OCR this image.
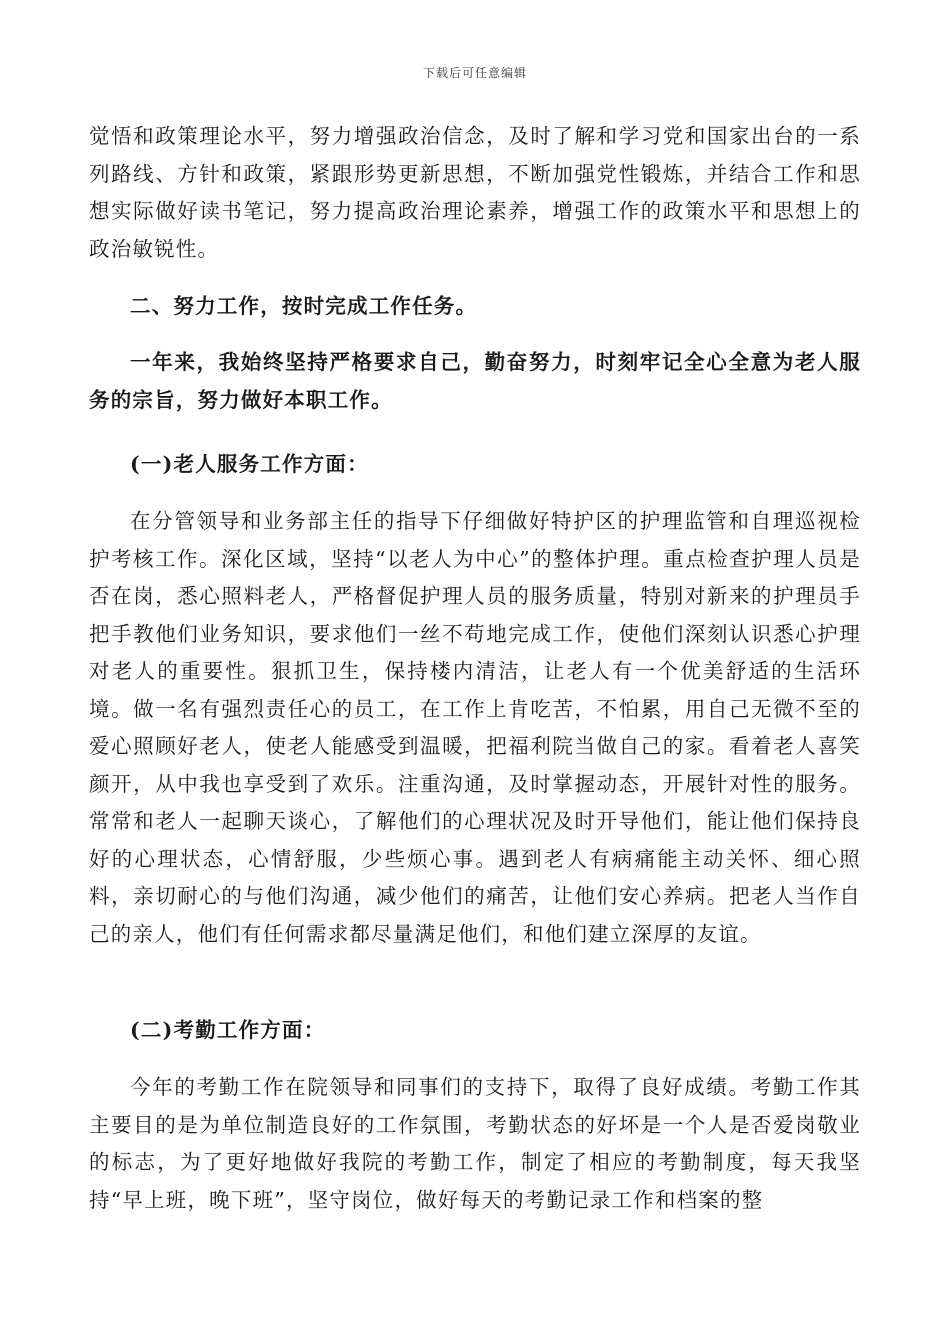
下载后可任意编辑

觉悟和政策理论水平，努力增强政治信念，及时了解和学习党和国家出台的一系列路线、方针和政策，紧跟形势更新思想，不断加强党性锻炼，并结合工作和思想实际做好读书笔记，努力提高政治理论素养，增强工作的政策水平和思想上的政治敏锐性。

二、努力工作，按时完成工作任务。

一年来，我始终坚持严格要求自己，勤奋努力，时刻牢记全心全意为老人服务的宗旨，努力做好本职工作。

(一)老人服务工作方面：

在分管领导和业务部主任的指导下仔细做好特护区的护理监管和自理巡视检护考核工作。深化区域，坚持“以老人为中心”的整体护理。重点检查护理人员是否在岗，悉心照料老人，严格督促护理人员的服务质量，特别对新来的护理员手把手教他们业务知识，要求他们一丝不苟地完成工作，使他们深刻认识悉心护理对老人的重要性。狠抓卫生，保持楼内清洁，让老人有一个优美舒适的生活环境。做一名有强烈责任心的员工，在工作上肯吃苦，不怕累，用自己无微不至的爱心照顾好老人，使老人能感受到温暖，把福利院当做自己的家。看着老人喜笑颜开，从中我也享受到了欢乐。注重沟通，及时掌握动态，开展针对性的服务。常常和老人一起聊天谈心，了解他们的心理状况及时开导他们，能让他们保持良好的心理状态，心情舒服，少些烦心事。遇到老人有病痛能主动关怀、细心照料，亲切耐心的与他们沟通，减少他们的痛苦，让他们安心养病。把老人当作自己的亲人，他们有任何需求都尽量满足他们，和他们建立深厚的友谊。

(二)考勤工作方面：

今年的考勤工作在院领导和同事们的支持下，取得了良好成绩。考勤工作其主要目的是为单位制造良好的工作氛围，考勤状态的好坏是一个人是否爱岗敬业的标志，为了更好地做好我院的考勤工作，制定了相应的考勤制度，每天我坚持“早上班，晚下班”，坚守岗位，做好每天的考勤记录工作和档案的整
